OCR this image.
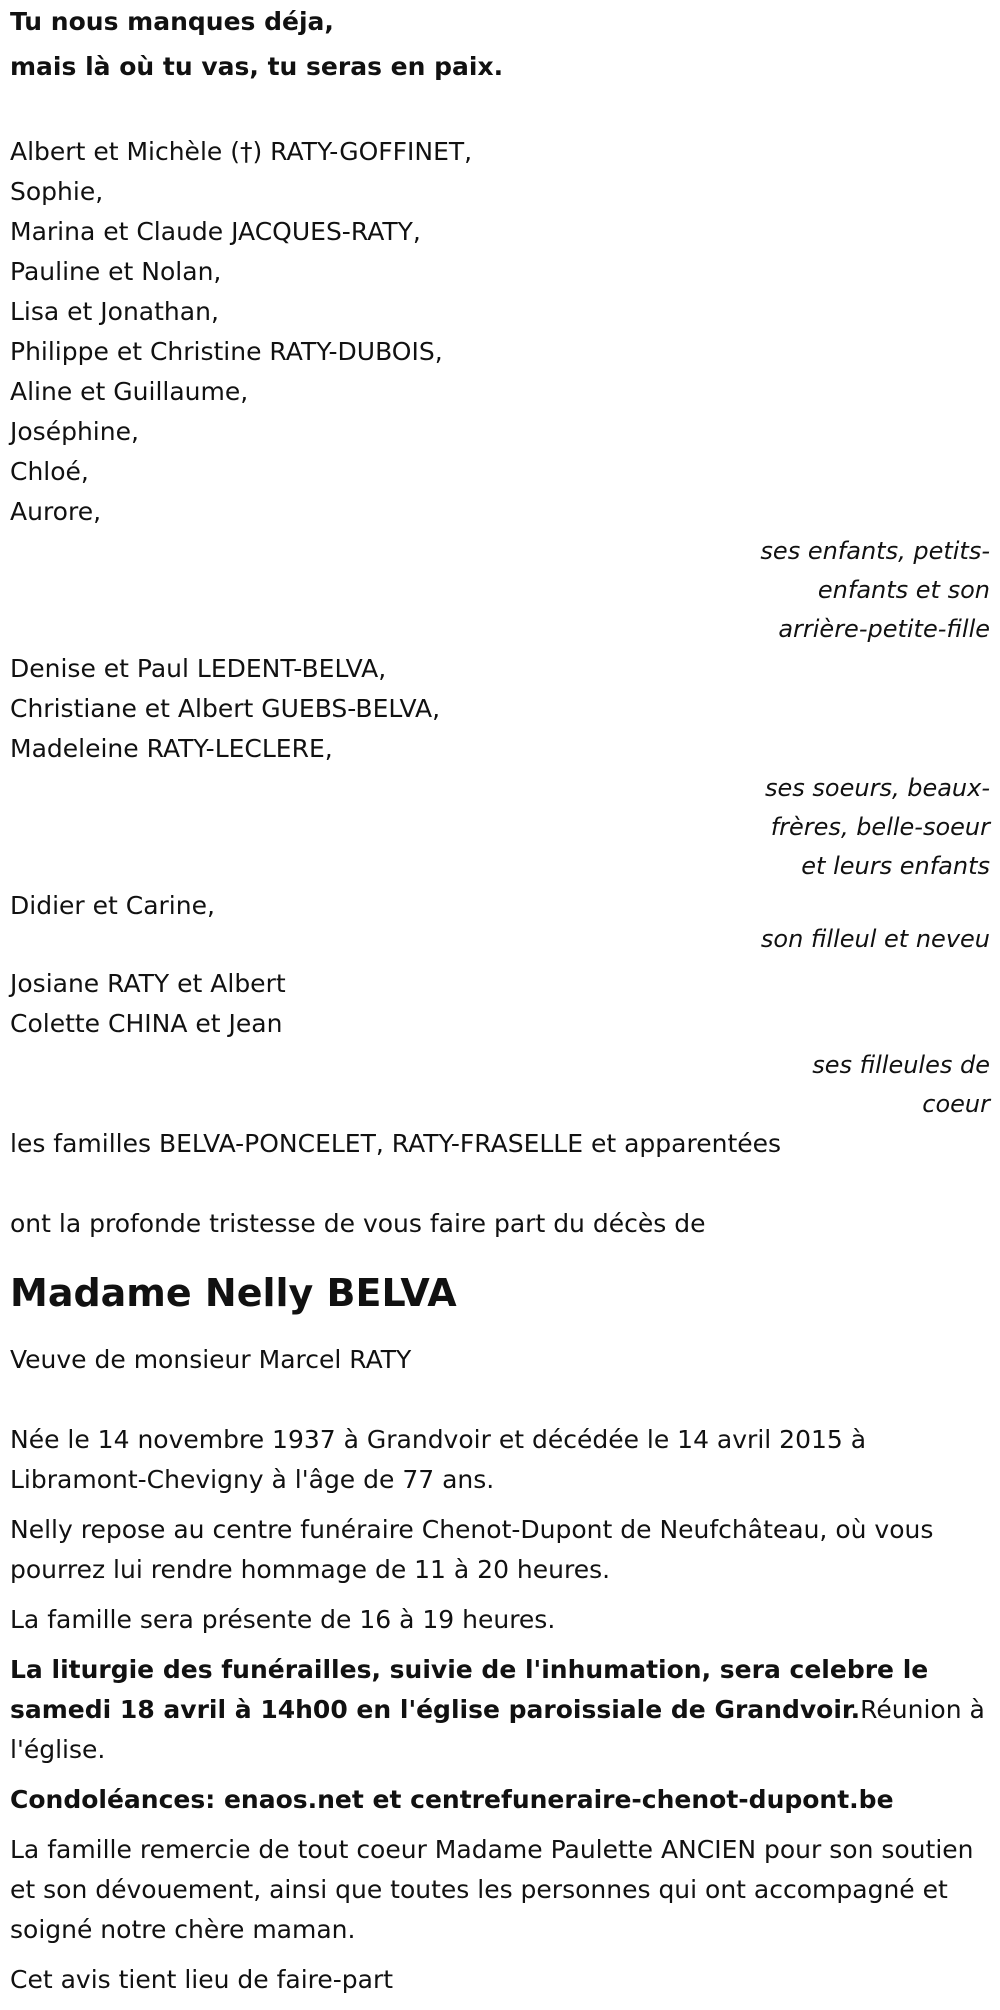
Tu nous manques déja,

mais là où tu vas, tu seras en paix.

Albert et Michèle (†) RATY-GOFFINET,

Sophie,

Marina et Claude JACQUES-RATY,

Pauline et Nolan,

Lisa et Jonathan,

Philippe et Christine RATY-DUBOIS,

Aline et Guillaume,

Joséphine,

Chloé,

Aurore,

ses enfants, petits-enfants et son arrière-petite-fille

Denise et Paul LEDENT-BELVA,

Christiane et Albert GUEBS-BELVA,

Madeleine RATY-LECLERE,

ses soeurs, beaux-frères, belle-soeur et leurs enfants

Didier et Carine,

son filleul et neveu

Josiane RATY et Albert

Colette CHINA et Jean

ses filleules de coeur

les familles BELVA-PONCELET, RATY-FRASELLE et apparentées

ont la profonde tristesse de vous faire part du décès de

Madame Nelly BELVA

Veuve de monsieur Marcel RATY

Née le 14 novembre 1937 à Grandvoir et décédée le 14 avril 2015 à Libramont-Chevigny à l'âge de 77 ans.

Nelly repose au centre funéraire Chenot-Dupont de Neufchâteau, où vous pourrez lui rendre hommage de 11 à 20 heures.

La famille sera présente de 16 à 19 heures.

La liturgie des funérailles, suivie de l'inhumation, sera celebre le samedi 18 avril à 14h00 en l'église paroissiale de Grandvoir.Réunion à l'église.

Condoléances: enaos.net et centrefuneraire-chenot-dupont.be

La famille remercie de tout coeur Madame Paulette ANCIEN pour son soutien et son dévouement, ainsi que toutes les personnes qui ont accompagné et soigné notre chère maman.

Cet avis tient lieu de faire-part
